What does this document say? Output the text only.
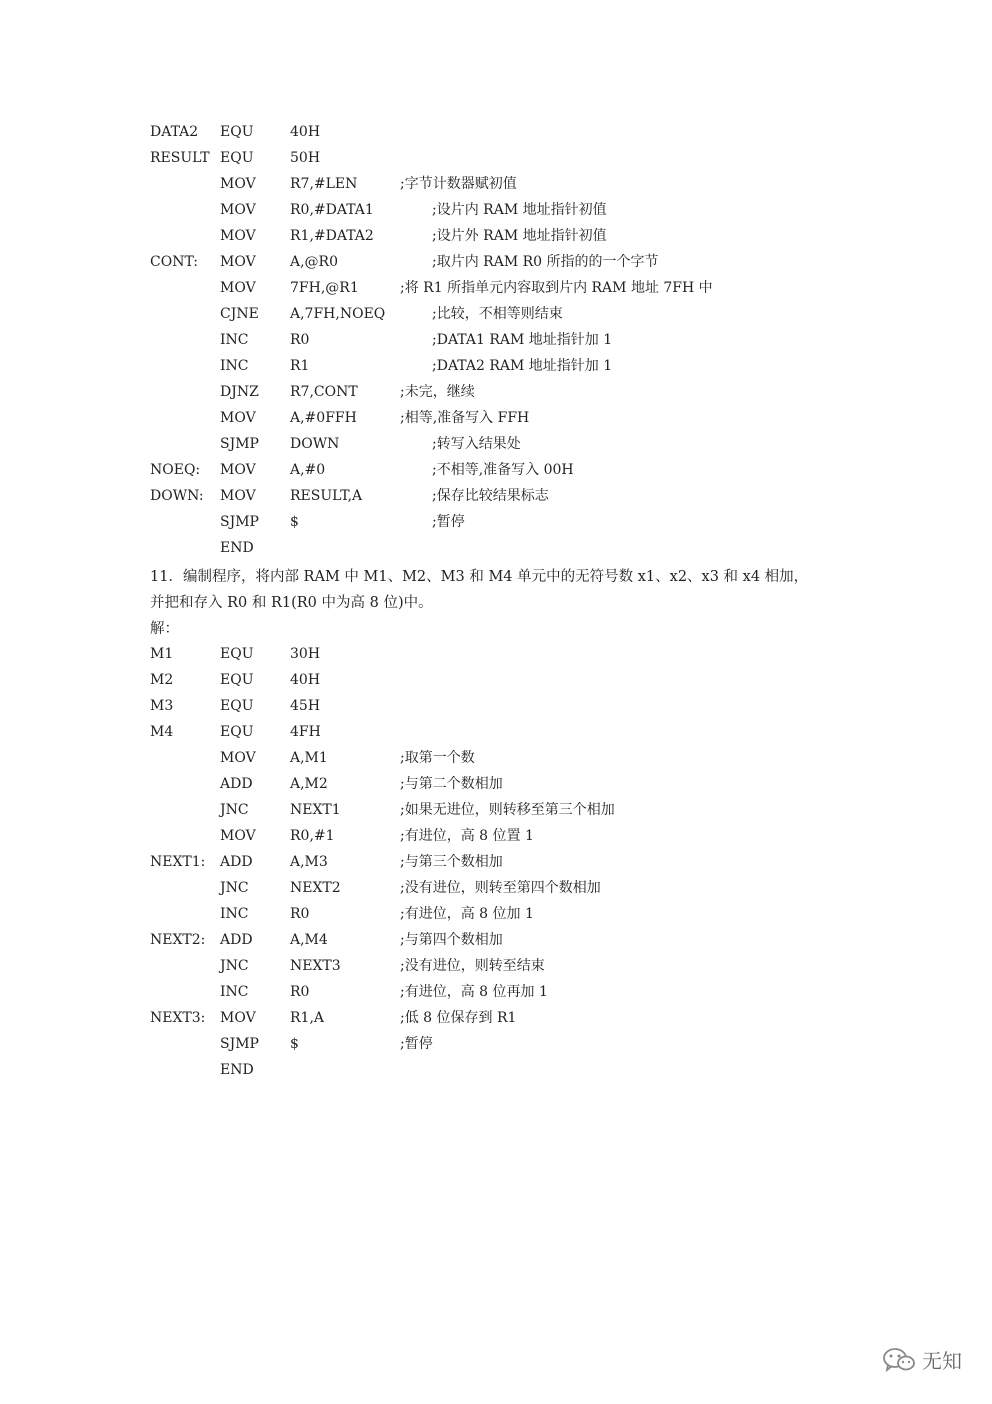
DATA2 EQU	40H
RESULT EQU	50H
MOV R7,#LEN	;字节计数器赋初值
MOV R0,#DATA1	;设片内 RAM 地址指针初值
MOV R1,#DATA2	;设片外 RAM 地址指针初值
CONT: MOV A,@R0	;取片内 RAM R0 所指的的一个字节
MOV 7FH,@R1	;将 R1 所指单元内容取到片内 RAM 地址 7FH 中
CJNE A,7FH,NOEQ	;比较，不相等则结束
INC	R0	;DATA1 RAM 地址指针加 1
INC	R1	;DATA2 RAM 地址指针加 1
DJNZ R7,CONT	;未完，继续
MOV A,#0FFH	;相等,准备写入 FFH
SJMP DOWN	;转写入结果处
NOEQ: MOV A,#0	;不相等,准备写入 00H
DOWN: MOV RESULT,A	;保存比较结果标志
SJMP $	;暂停
END
11．编制程序，将内部 RAM 中 M1、M2、M3 和 M4 单元中的无符号数 x1、x2、x3 和 x4 相加，
并把和存入 R0 和 R1(R0 中为高 8 位)中。
解：
M1	EQU	30H
M2	EQU	40H
M3	EQU	45H
M4	EQU	4FH
MOV A,M1	;取第一个数
ADD	A,M2	;与第二个数相加
JNC	NEXT1	;如果无进位，则转移至第三个相加
MOV R0,#1	;有进位，高 8 位置 1
NEXT1: ADD	A,M3	;与第三个数相加
JNC	NEXT2	;没有进位，则转至第四个数相加
INC	R0	;有进位，高 8 位加 1
NEXT2: ADD	A,M4	;与第四个数相加
JNC	NEXT3	;没有进位，则转至结束
INC	R0	;有进位，高 8 位再加 1
NEXT3: MOV R1,A	;低 8 位保存到 R1
SJMP $	;暂停
END
无知
